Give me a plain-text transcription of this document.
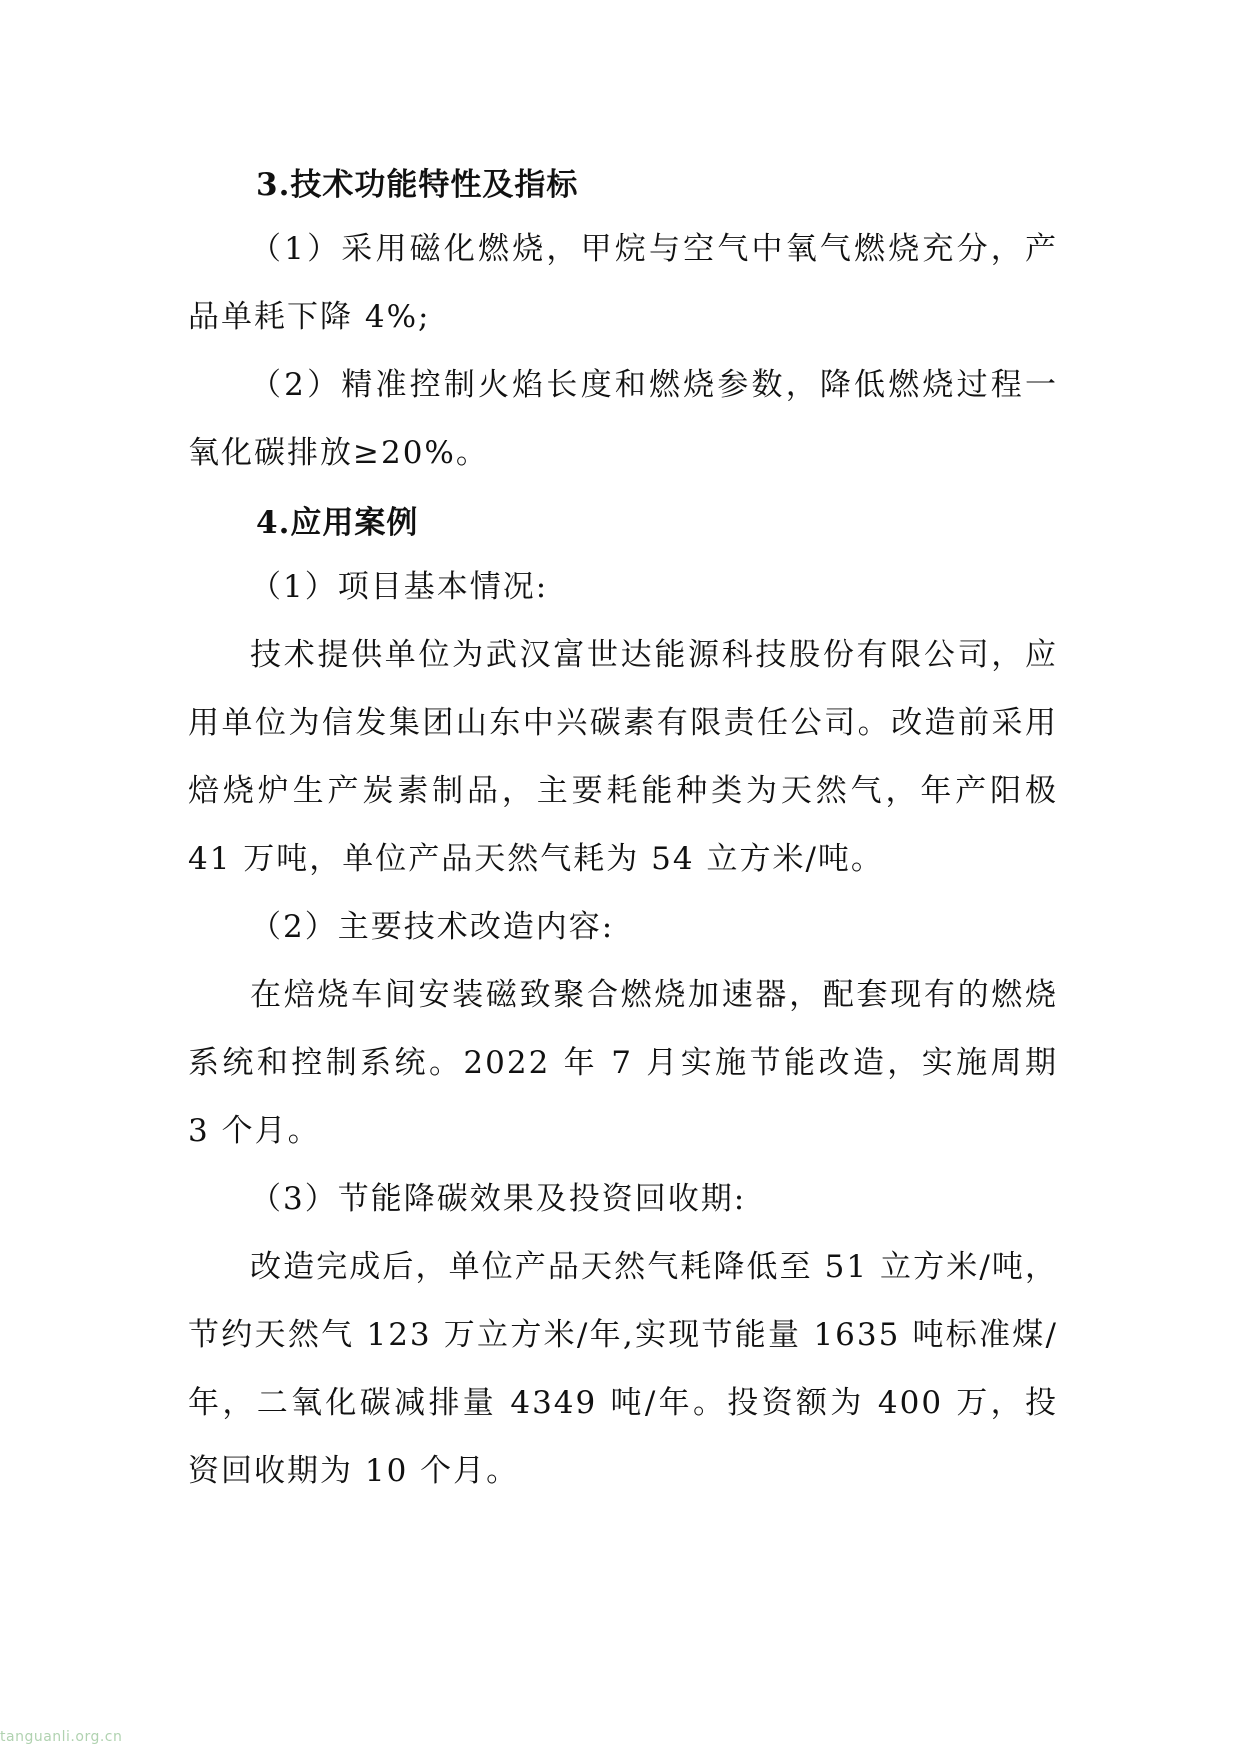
3.技术功能特性及指标

（1）采用磁化燃烧，甲烷与空气中氧气燃烧充分，产品单耗下降 4%;

（2）精准控制火焰长度和燃烧参数，降低燃烧过程一氧化碳排放≥20%。

4.应用案例

（1）项目基本情况:

技术提供单位为武汉富世达能源科技股份有限公司，应用单位为信发集团山东中兴碳素有限责任公司。改造前采用焙烧炉生产炭素制品，主要耗能种类为天然气，年产阳极 41 万吨，单位产品天然气耗为 54 立方米/吨。

（2）主要技术改造内容:

在焙烧车间安装磁致聚合燃烧加速器，配套现有的燃烧系统和控制系统。2022 年 7 月实施节能改造，实施周期 3 个月。

（3）节能降碳效果及投资回收期:

改造完成后，单位产品天然气耗降低至 51 立方米/吨，节约天然气 123 万立方米/年,实现节能量 1635 吨标准煤/年，二氧化碳减排量 4349 吨/年。投资额为 400 万，投资回收期为 10 个月。

tanguanli.org.cn
